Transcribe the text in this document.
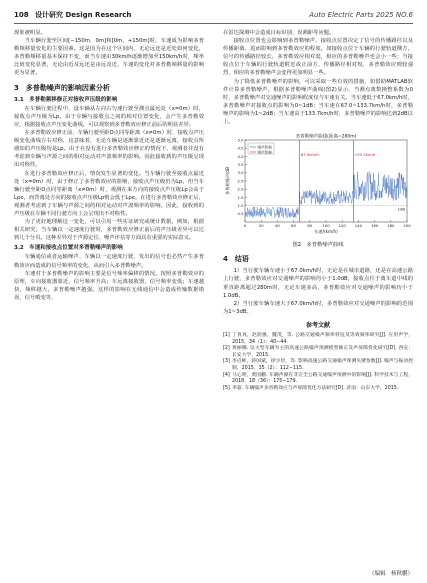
108 设计研究 Design Research	Auto Electric Parts 2025 NO.6

现象被明显。

当车辆行驶至区间[−150m，0m]和[0m，+150m]时，车速成为影响多普勒频移量变化的主要因素。这是因为在这个区间内，无论远还是近处如何变化，多普勒频移量基本保持不变，而当车速由30km/h逐渐增加至150km/h时，频率比值变化显著，无论由近及远还是由远及近，车速的变化对多普勒频移量的影响更为显著。

3　多普勒噪声的影响因素分析
3.1　多普勒频移修正对接收声压级的影响

在车辆行驶过程中，设车辆从左向右匀速行驶至测点最远处（x=0m）时，接收点声压级为Lp。由于车辆与接收点之间的相对位置变化，会产生多普勒效应，根据接收点声压变化曲线，可以观察到多普勒效应修正前后的明显差异。

在多普勒效应修正前，车辆行驶至距O点同等距离（x≠0m）时，接收点声压级变化曲线左右对称，这意味着，无论车辆是逐渐靠近还是逐渐远离，接收点所感知的声压级均是Lp。由于在没有进行多普勒效应修正的情况下，观测者并没有考虑到车辆与声源之间的相对运动对声波频率的影响。因此接收到的声压级呈现出对称性。

在进行多普勒效应修正后，情况发生显著的变化。当车辆行驶至接收点最近处（x=0m）时，由于修正了多普勒效应的影响，接收点声压级仍为Lp，但当车辆行驶至距O点同等距离（x≠0m）时，观测在来方向的接收点声压级Lp会高于Lpe，而背离处方向的接收点声压级Lp则会低于Lpe。在进行多普勒效应修正后，观测者考虑到了车辆与声源之间的相对运动对声波频率的影响。因此，接收到的声压级在车辆不同行驶方向上会呈现出不对称性。

为了更好地理解这一变化，可以引用一些实证研究或统计数据。例如，根据相关研究，当车辆以一定速度行驶时，多普勒效应修正前后的声压级差异可以达到几个分贝。这种差异对于声源定位、噪声评估等方面具有重要的实际意义。

3.2　车速和接收点位置对多普勒噪声的影响

车辆通信或者运输噪声、车辆以一定速度行驶，发出的信号也必然产生多普勒效应而造成的信号频率的变化，从而引入多普勒噪声。

车速对于多普勒噪声的影响主要是信号频率偏移的情况。按照多普勒效应的原理，车向接收器靠近，信号频率升高；车远离接收器，信号频率变低；车速越快，频移越大，多普勒噪声越强。这样的影响在无线通信中会造成传输数据错误、信号畸变等，

在雷达探测中会造成目标识别、误测距等问题。

接收点位置也会影响到多普勒噪声，接收点位置决定了信号的传播路径以及传播距离，进而影响到多普勒效应的程度。如接收点位于车辆的行驶轨道侧方，信号的传播路径较长，多普勒效应相对弱，相应的多普勒噪声也会小一些；当接收点位于车辆的行驶轨道附近或正前方，传播路径相对短，多普勒效应则较强烈，相应的多普勒噪声会变得更加明显一些。

为了降低多普勒噪声的影响，可以采取一些有效的措施，如借助MATLAB软件计算多普勒噪声。根据多普勒噪声曲线(图2)显示，当测点离数换整系数为0时，多普勒噪声对交通噪声的影响程度仅与车速有关。当车速低于67.0km/h时，多普勒噪声对接收点的影响为0~1dB；当车速在67.0~133.7km/h时，多普勒噪声的影响为1~2dB；当车速高于133.7km/h时，多普勒噪声的影响达到2dB以上。

多普勒噪声曲线(距离=280m)
0.5
1.0
1.5
2.0
2.5
3.0
3.5
4.0
4.5
5.0
0	20	40	60	80	100 120 140 160 180 200
车速/(km/h)
多普勒噪声/dB
1dB
67.0km/h	133.7km/h
噪声影响
噪声影响
图2　多普勒噪声曲线
4　结语

1）当行驶车辆车速小于67.0km/h时，无论是在城市道路，还是在高速公路上行驶，多普勒效应对交通噪声的影响均小于1.0dB；接收点位于离车道中线的垂直距离超过280m时，无论车速多高，多普勒效应对交通噪声的影响均小于1.0dB。

2）当行驶车辆车速大于67.0km/h时，多普勒效应对交通噪声的影响的范围为1~3dB。

参考文献
[1] 丁真真，赵润强，魏茂，等. 公路交通噪声频率特征及等效频率研究[J]. 应用声学，2015，34（1）：40−44.
[2] 黄丽娜. 以大型车辆为主的高速公路噪声预测模型修正及声屏障优化研究[D]. 西安：长安大学，2015.
[3] 李启彬，蒋国斌，徐少俭，等. 影响高速公路交通噪声预测关键参数[J]. 噪声与振动控制，2015，35（2）：112−115.
[4] 马心明，黄国鹏. 车辆声源在非完全公路交通噪声预测中的影响[J]. 科学技术与工程，2018，18（36）：175−179.
[5] 李超. 车辆噪声多普勒效应与声屏障优化方法研究[D]. 济南：山东大学，2015.
（编辑　杨秋鹏）
